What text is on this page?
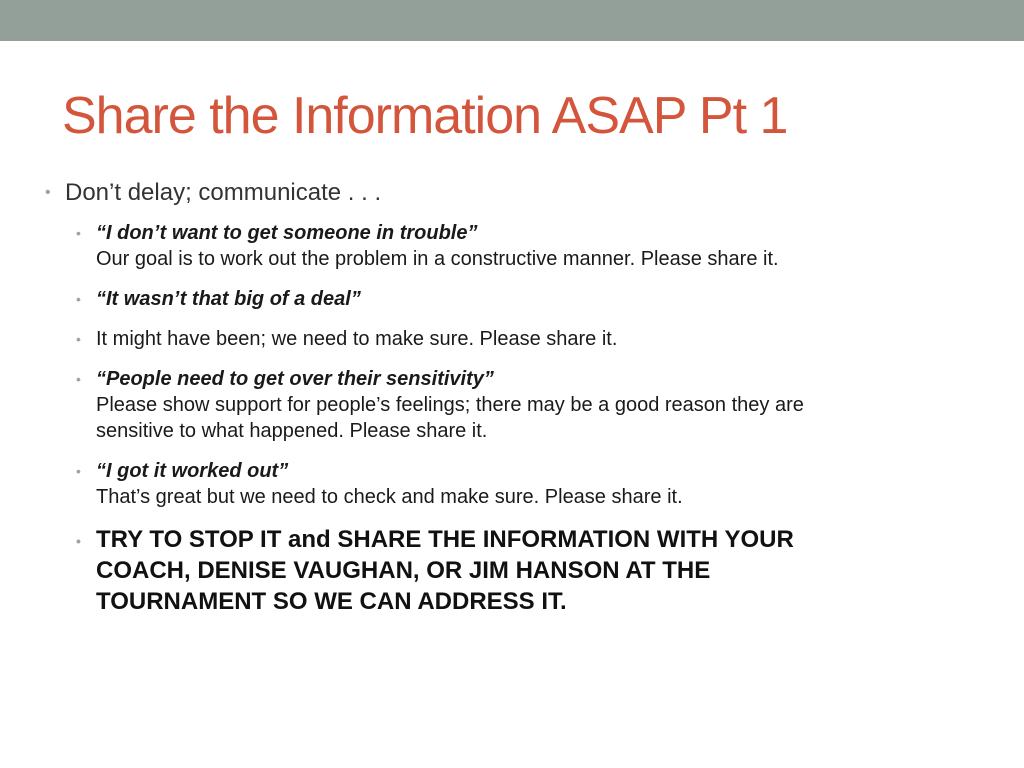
Share the Information ASAP Pt 1
• Don’t delay; communicate . . .
• “I don’t want to get someone in trouble”
Our goal is to work out the problem in a constructive manner. Please share it.
• “It wasn’t that big of a deal”
• It might have been; we need to make sure. Please share it.
• “People need to get over their sensitivity”
Please show support for people’s feelings; there may be a good reason they are sensitive to what happened. Please share it.
• “I got it worked out”
That’s great but we need to check and make sure. Please share it.
• TRY TO STOP IT and SHARE THE INFORMATION WITH YOUR COACH, DENISE VAUGHAN, OR JIM HANSON AT THE TOURNAMENT SO WE CAN ADDRESS IT.
